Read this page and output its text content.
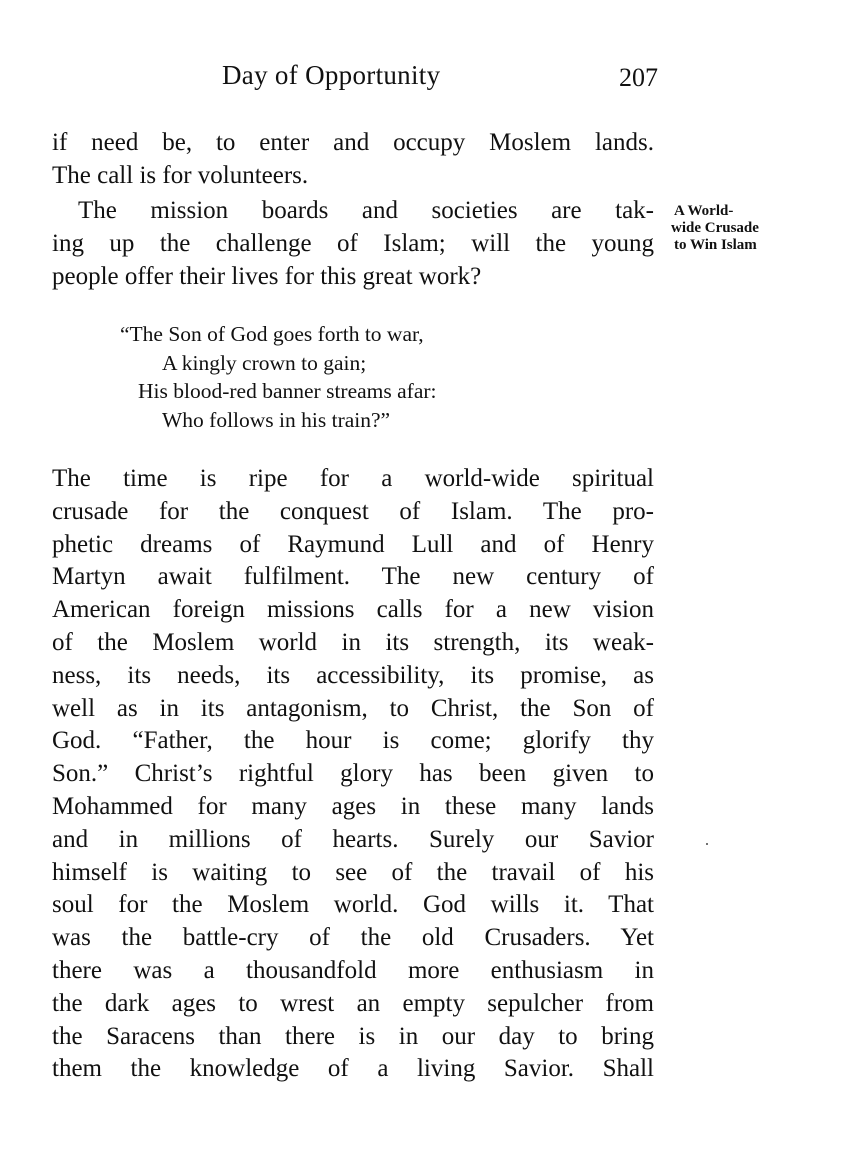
Day of Opportunity	207
if need be, to enter and occupy Moslem lands.
The call is for volunteers.
The mission boards and societies are tak-
ing up the challenge of Islam; will the young
people offer their lives for this great work?
A World-
wide Crusade
to Win Islam
“The Son of God goes forth to war,
A kingly crown to gain;
His blood-red banner streams afar:
Who follows in his train?”
The time is ripe for a world-wide spiritual
crusade for the conquest of Islam. The pro-
phetic dreams of Raymund Lull and of Henry
Martyn await fulfilment. The new century of
American foreign missions calls for a new vision
of the Moslem world in its strength, its weak-
ness, its needs, its accessibility, its promise, as
well as in its antagonism, to Christ, the Son of
God. “Father, the hour is come; glorify thy
Son.” Christ’s rightful glory has been given to
Mohammed for many ages in these many lands
and in millions of hearts. Surely our Savior
himself is waiting to see of the travail of his
soul for the Moslem world. God wills it. That
was the battle-cry of the old Crusaders. Yet
there was a thousandfold more enthusiasm in
the dark ages to wrest an empty sepulcher from
the Saracens than there is in our day to bring
them the knowledge of a living Savior. Shall
